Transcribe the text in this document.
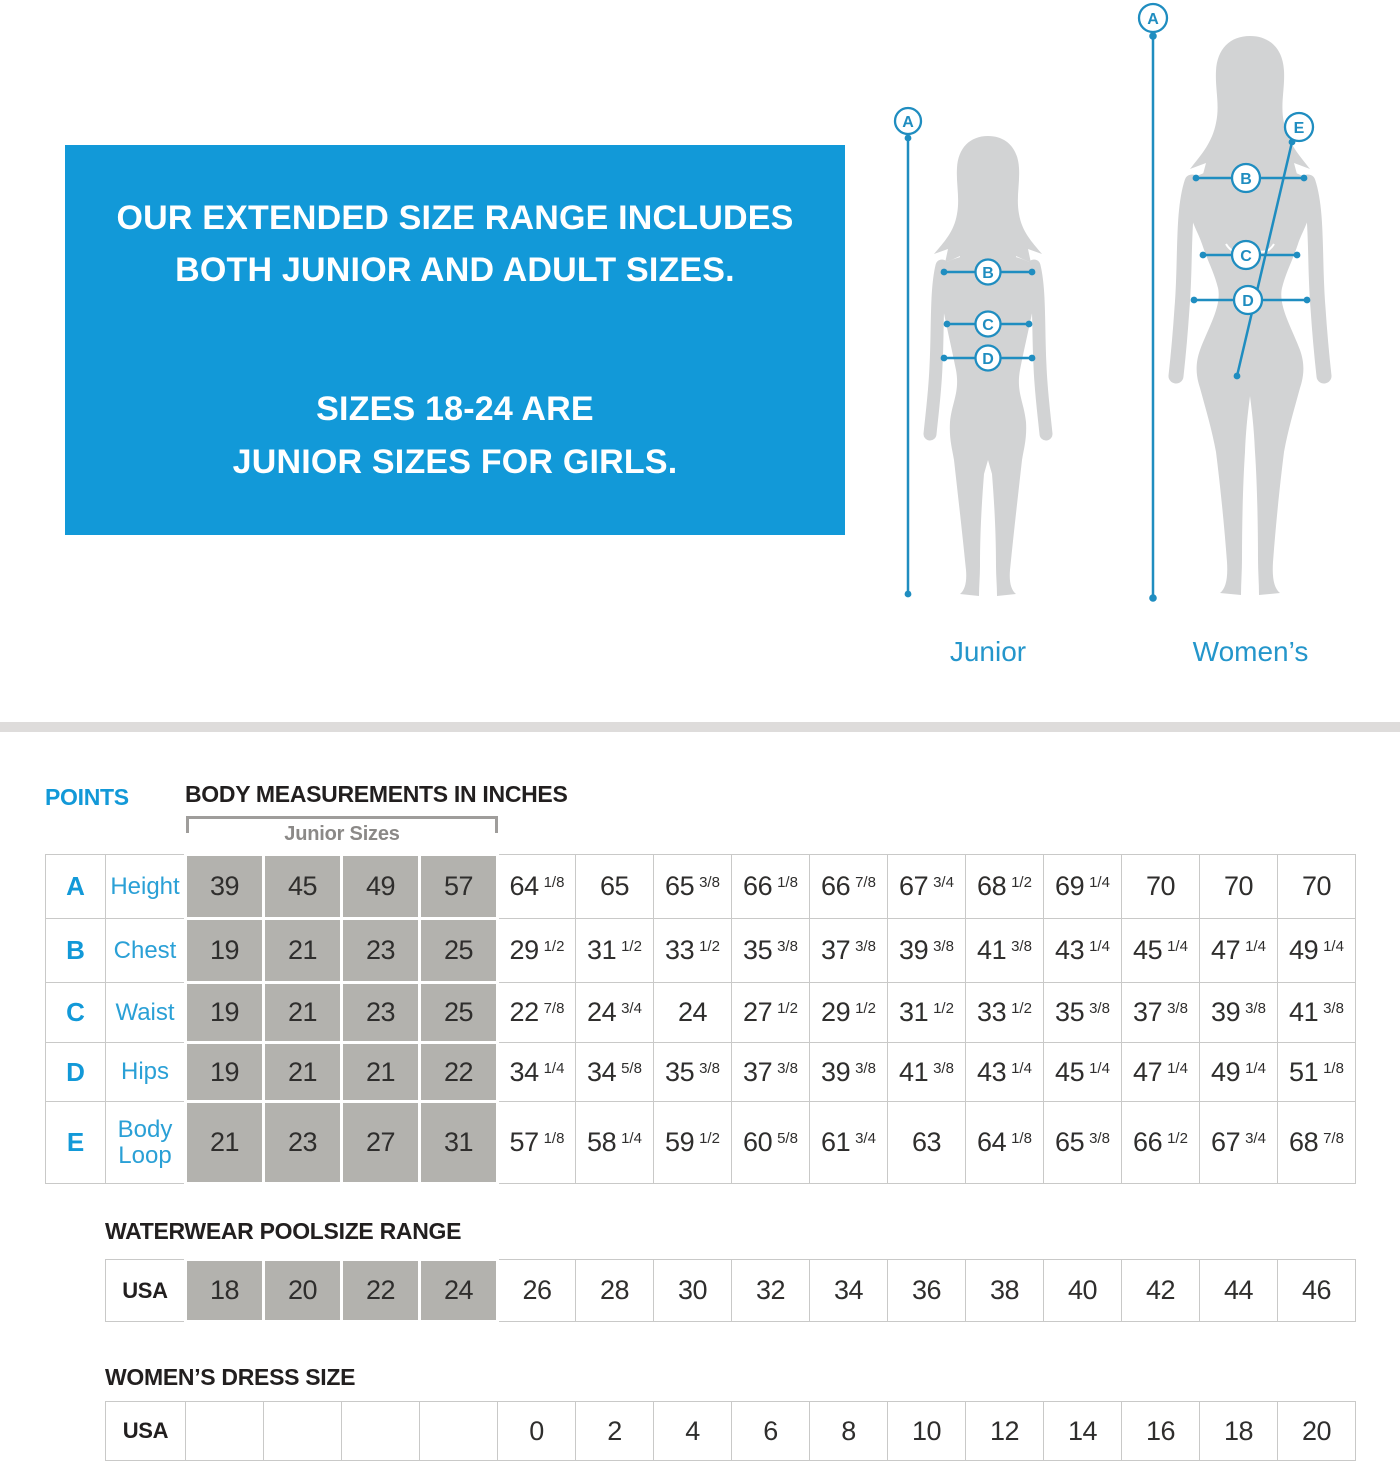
OUR EXTENDED SIZE RANGE INCLUDES
BOTH JUNIOR AND ADULT SIZES.

SIZES 18-24 ARE
JUNIOR SIZES FOR GIRLS.

A
B
C
D
A
B
C
D
E
Junior	Women’s
POINTS BODY MEASUREMENTS IN INCHES
Junior Sizes
A	Height	39	45	49	57	64 $^{1/8}$	65	65 $^{3/8}$	66 $^{1/8}$	66 $^{7/8}$	67 $^{3/4}$	68 $^{1/2}$	69 $^{1/4}$	70	70	70
B	Chest	19	21	23	25	29 $^{1/2}$	31 $^{1/2}$	33 $^{1/2}$	35 $^{3/8}$	37 $^{3/8}$	39 $^{3/8}$	41 $^{3/8}$	43 $^{1/4}$	45 $^{1/4}$	47 $^{1/4}$	49 $^{1/4}$
C	Waist	19	21	23	25	22 $^{7/8}$	24 $^{3/4}$	24	27 $^{1/2}$	29 $^{1/2}$	31 $^{1/2}$	33 $^{1/2}$	35 $^{3/8}$	37 $^{3/8}$	39 $^{3/8}$	41 $^{3/8}$
D	Hips	19	21	21	22	34 $^{1/4}$	34 $^{5/8}$	35 $^{3/8}$	37 $^{3/8}$	39 $^{3/8}$	41 $^{3/8}$	43 $^{1/4}$	45 $^{1/4}$	47 $^{1/4}$	49 $^{1/4}$	51 $^{1/8}$
E	Body Loop	21	23	27	31	57 $^{1/8}$	58 $^{1/4}$	59 $^{1/2}$	60 $^{5/8}$	61 $^{3/4}$	63	64 $^{1/8}$	65 $^{3/8}$	66 $^{1/2}$	67 $^{3/4}$	68 $^{7/8}$
WATERWEAR POOLSIZE RANGE
USA	18	20	22	24	26	28	30	32	34	36	38	40	42	44	46
WOMEN’S DRESS SIZE
USA					0	2	4	6	8	10	12	14	16	18	20
